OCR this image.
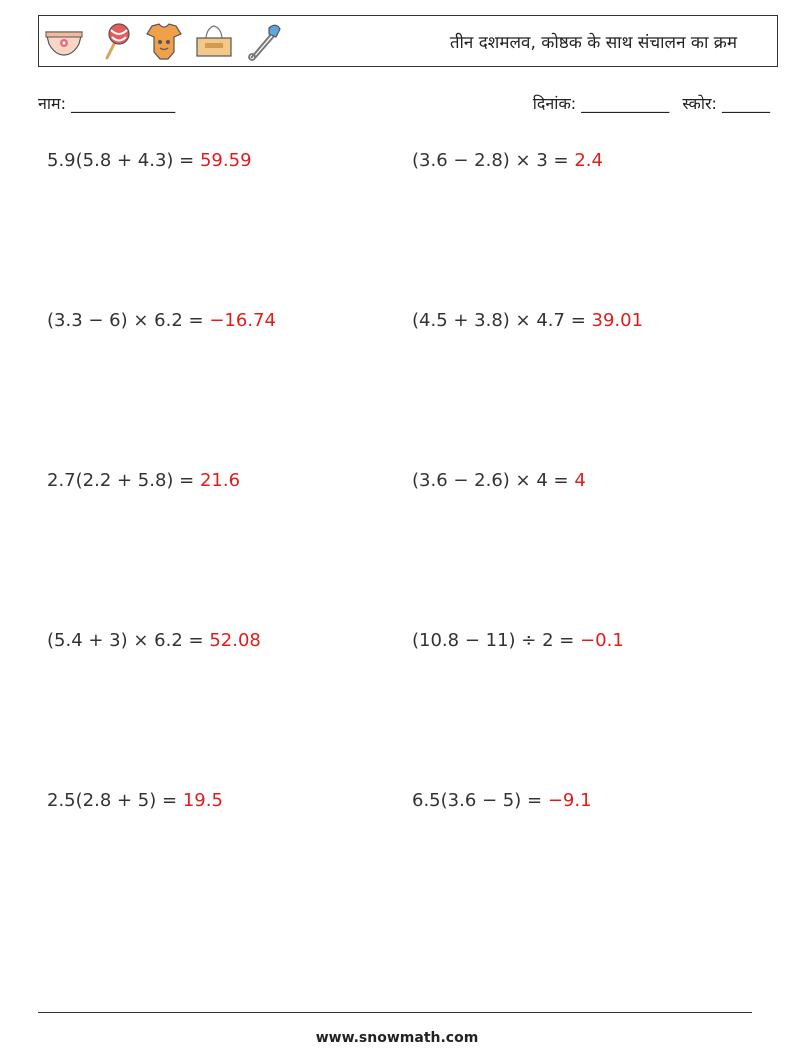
तीन दशमलव, कोष्ठक के साथ संचालन का क्रम
नाम: _____________	दिनांक: ___________ स्कोर: ______
5.9(5.8 + 4.3) = 59.59	(3.6 − 2.8) × 3 = 2.4
(3.3 − 6) × 6.2 = −16.74	(4.5 + 3.8) × 4.7 = 39.01
2.7(2.2 + 5.8) = 21.6	(3.6 − 2.6) × 4 = 4
(5.4 + 3) × 6.2 = 52.08	(10.8 − 11) ÷ 2 = −0.1
2.5(2.8 + 5) = 19.5	6.5(3.6 − 5) = −9.1
www.snowmath.com
